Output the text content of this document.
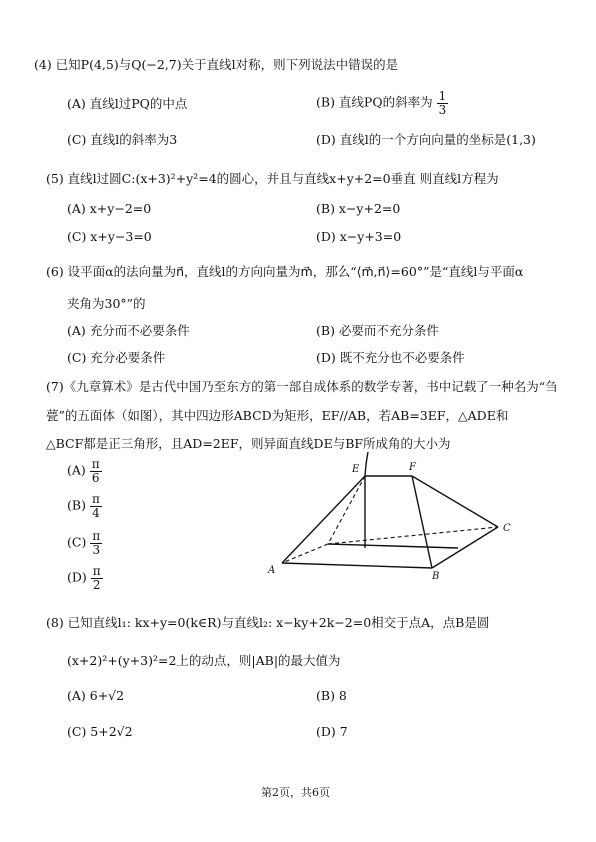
(4) 已知P(4,5)与Q(−2,7)关于直线l对称，则下列说法中错误的是
(A) 直线l过PQ的中点	(B) 直线PQ的斜率为 $\frac{1}{3}$
(C) 直线l的斜率为3	(D) 直线l的一个方向向量的坐标是(1,3)
(5) 直线l过圆C:(x+3)²+y²=4的圆心，并且与直线x+y+2=0垂直 则直线l方程为
(A) x+y−2=0	(B) x−y+2=0
(C) x+y−3=0	(D) x−y+3=0
(6) 设平面α的法向量为n⃗，直线l的方向向量为m⃗，那么“⟨m⃗,n⃗⟩=60°”是“直线l与平面α
夹角为30°”的
(A) 充分而不必要条件	(B) 必要而不充分条件
(C) 充分必要条件	(D) 既不充分也不必要条件
(7)《九章算术》是古代中国乃至东方的第一部自成体系的数学专著，书中记载了一种名为“刍
甍”的五面体（如图），其中四边形ABCD为矩形，EF//AB，若AB=3EF，△ADE和
△BCF都是正三角形，且AD=2EF，则异面直线DE与BF所成角的大小为
$(A) \frac{\pi}{6}$
$(B) \frac{\pi}{4}$
$(C) \frac{\pi}{3}$
$(D) \frac{\pi}{2}$
E	F
C
A
B
(8) 已知直线l₁: kx+y=0(k∈R)与直线l₂: x−ky+2k−2=0相交于点A，点B是圆
(x+2)²+(y+3)²=2上的动点，则|AB|的最大值为
(A) 6+√2	(B) 8
(C) 5+2√2	(D) 7
第2页，共6页
